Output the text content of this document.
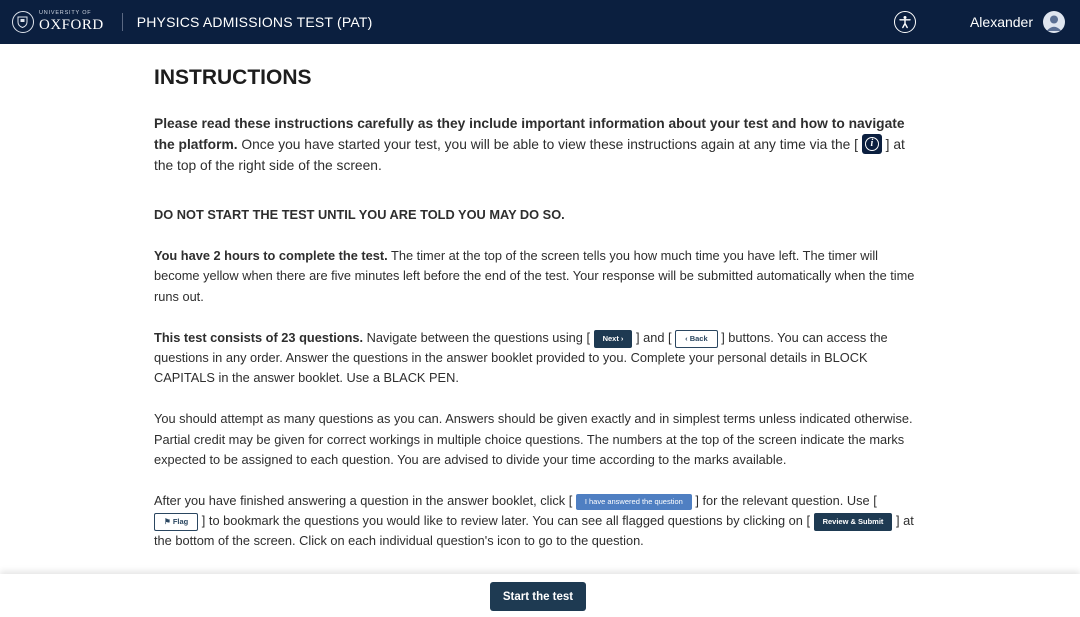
UNIVERSITY OF
OXFORD PHYSICS ADMISSIONS TEST (PAT)	Alexander
INSTRUCTIONS

Please read these instructions carefully as they include important information about your test and how to navigate the platform. Once you have started your test, you will be able to view these instructions again at any time via the [ i ] at the top of the right side of the screen.

DO NOT START THE TEST UNTIL YOU ARE TOLD YOU MAY DO SO.

You have 2 hours to complete the test. The timer at the top of the screen tells you how much time you have left. The timer will become yellow when there are five minutes left before the end of the test. Your response will be submitted automatically when the time runs out.

This test consists of 23 questions. Navigate between the questions using [ Next › ] and [ ‹ Back ] buttons. You can access the questions in any order. Answer the questions in the answer booklet provided to you. Complete your personal details in BLOCK CAPITALS in the answer booklet. Use a BLACK PEN.

You should attempt as many questions as you can. Answers should be given exactly and in simplest terms unless indicated otherwise. Partial credit may be given for correct workings in multiple choice questions. The numbers at the top of the screen indicate the marks expected to be assigned to each question. You are advised to divide your time according to the marks available.

After you have finished answering a question in the answer booklet, click [ I have answered the question ] for the relevant question. Use [ ⚑ Flag ] to bookmark the questions you would like to review later. You can see all flagged questions by clicking on [ Review & Submit ] at the bottom of the screen. Click on each individual question's icon to go to the question.

Start the test
